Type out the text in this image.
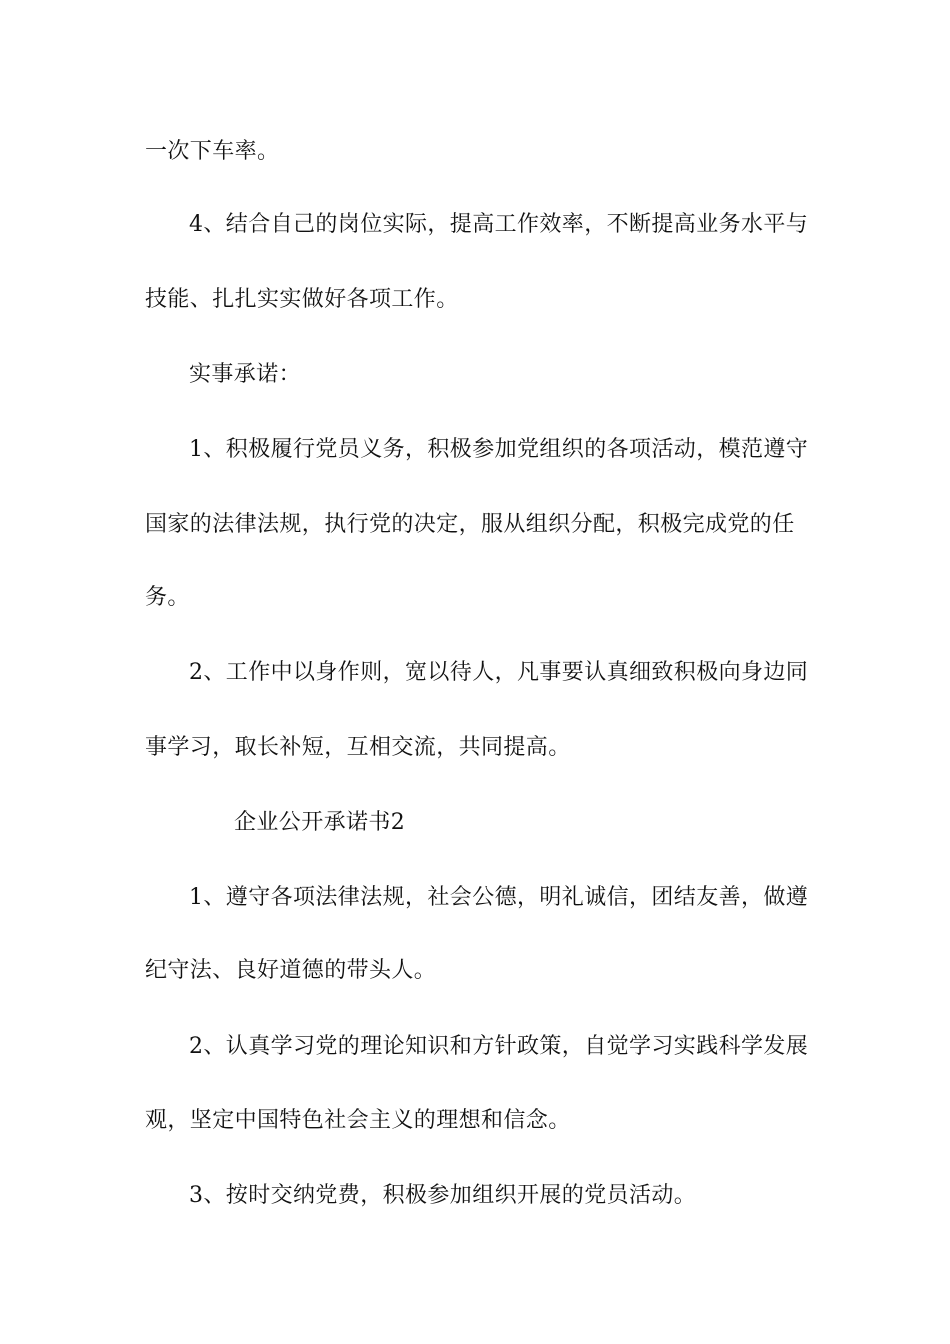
一次下车率。
4、结合自己的岗位实际，提高工作效率，不断提高业务水平与
技能、扎扎实实做好各项工作。
实事承诺：
1、积极履行党员义务，积极参加党组织的各项活动，模范遵守
国家的法律法规，执行党的决定，服从组织分配，积极完成党的任
务。
2、工作中以身作则，宽以待人，凡事要认真细致积极向身边同
事学习，取长补短，互相交流，共同提高。
企业公开承诺书2
1、遵守各项法律法规，社会公德，明礼诚信，团结友善，做遵
纪守法、良好道德的带头人。
2、认真学习党的理论知识和方针政策，自觉学习实践科学发展
观，坚定中国特色社会主义的理想和信念。
3、按时交纳党费，积极参加组织开展的党员活动。
